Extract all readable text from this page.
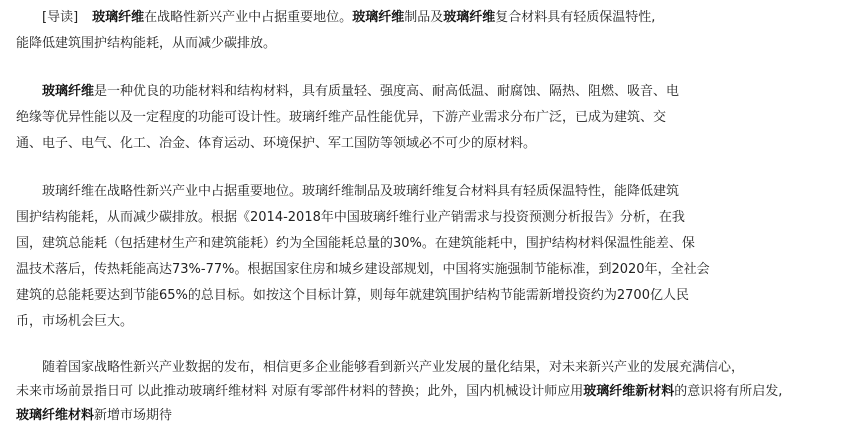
[导读] 玻璃纤维在战略性新兴产业中占据重要地位。玻璃纤维制品及玻璃纤维复合材料具有轻质保温特性,
能降低建筑围护结构能耗，从而减少碳排放。
玻璃纤维是一种优良的功能材料和结构材料，具有质量轻、强度高、耐高低温、耐腐蚀、隔热、阻燃、吸音、电
绝缘等优异性能以及一定程度的功能可设计性。玻璃纤维产品性能优异，下游产业需求分布广泛，已成为建筑、交
通、电子、电气、化工、冶金、体育运动、环境保护、军工国防等领域必不可少的原材料。
玻璃纤维在战略性新兴产业中占据重要地位。玻璃纤维制品及玻璃纤维复合材料具有轻质保温特性，能降低建筑
围护结构能耗，从而减少碳排放。根据《2014-2018年中国玻璃纤维行业产销需求与投资预测分析报告》分析，在我
国，建筑总能耗（包括建材生产和建筑能耗）约为全国能耗总量的30%。在建筑能耗中，围护结构材料保温性能差、保
温技术落后，传热耗能高达73%-77%。根据国家住房和城乡建设部规划，中国将实施强制节能标准，到2020年，全社会
建筑的总能耗要达到节能65%的总目标。如按这个目标计算，则每年就建筑围护结构节能需新增投资约为2700亿人民
币，市场机会巨大。
随着国家战略性新兴产业数据的发布，相信更多企业能够看到新兴产业发展的量化结果，对未来新兴产业的发展充满信心，
未来市场前景指日可 以此推动玻璃纤维材料 对原有零部件材料的替换；此外，国内机械设计师应用玻璃纤维新材料的意识将有所启发,
玻璃纤维材料新增市场期待
